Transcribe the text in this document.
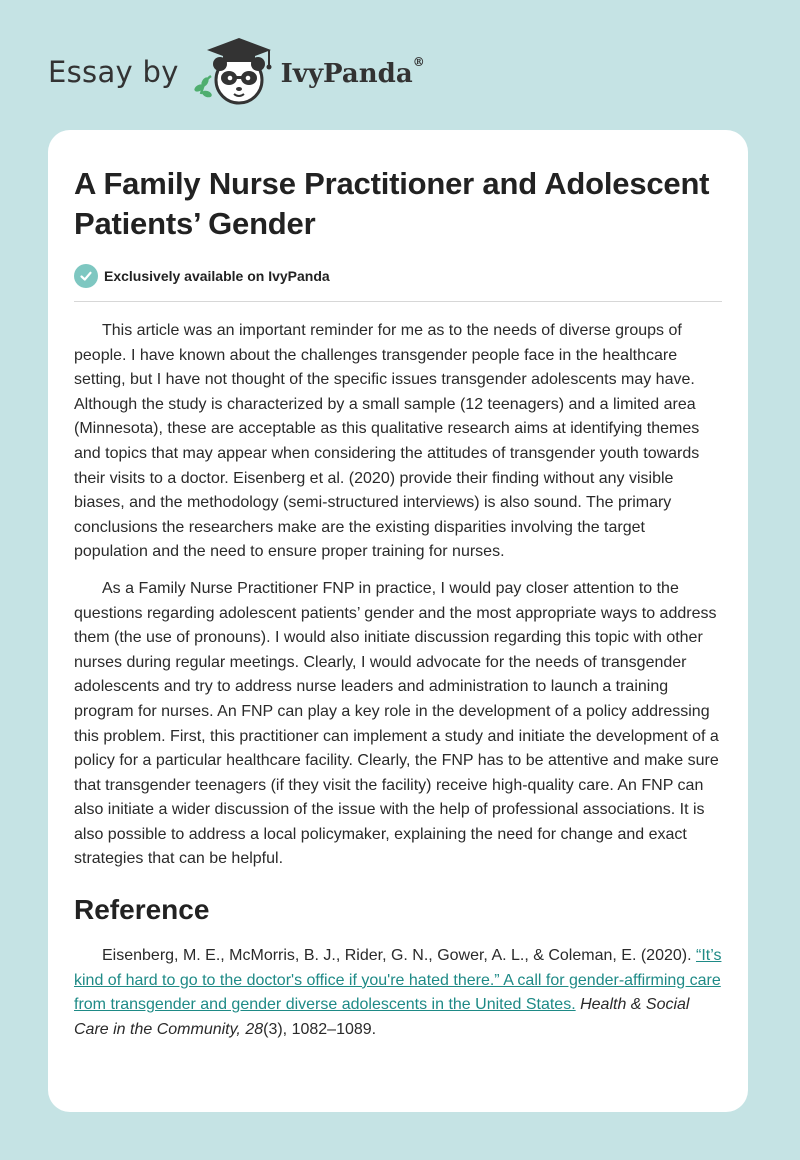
Essay by	IvyPanda®
A Family Nurse Practitioner and Adolescent Patients’ Gender
Exclusively available on IvyPanda

This article was an important reminder for me as to the needs of diverse groups of people. I have known about the challenges transgender people face in the healthcare setting, but I have not thought of the specific issues transgender adolescents may have. Although the study is characterized by a small sample (12 teenagers) and a limited area (Minnesota), these are acceptable as this qualitative research aims at identifying themes and topics that may appear when considering the attitudes of transgender youth towards their visits to a doctor. Eisenberg et al. (2020) provide their finding without any visible biases, and the methodology (semi-structured interviews) is also sound. The primary conclusions the researchers make are the existing disparities involving the target population and the need to ensure proper training for nurses.

As a Family Nurse Practitioner FNP in practice, I would pay closer attention to the questions regarding adolescent patients’ gender and the most appropriate ways to address them (the use of pronouns). I would also initiate discussion regarding this topic with other nurses during regular meetings. Clearly, I would advocate for the needs of transgender adolescents and try to address nurse leaders and administration to launch a training program for nurses. An FNP can play a key role in the development of a policy addressing this problem. First, this practitioner can implement a study and initiate the development of a policy for a particular healthcare facility. Clearly, the FNP has to be attentive and make sure that transgender teenagers (if they visit the facility) receive high-quality care. An FNP can also initiate a wider discussion of the issue with the help of professional associations. It is also possible to address a local policymaker, explaining the need for change and exact strategies that can be helpful.

Reference

Eisenberg, M. E., McMorris, B. J., Rider, G. N., Gower, A. L., & Coleman, E. (2020). “It’s kind of hard to go to the doctor's office if you're hated there.” A call for gender-affirming care from transgender and gender diverse adolescents in the United States. Health & Social Care in the Community, 28(3), 1082–1089.
